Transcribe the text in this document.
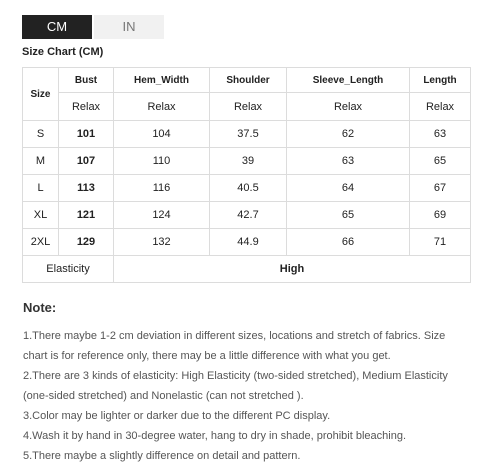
CM	IN
Size Chart (CM)
Size	Bust	Hem_Width	Shoulder	Sleeve_Length	Length
	Relax	Relax	Relax	Relax	Relax
S	101	104	37.5	62	63
M	107	110	39	63	65
L	113	116	40.5	64	67
XL	121	124	42.7	65	69
2XL	129	132	44.9	66	71
Elasticity		High			
Note:
1.There maybe 1-2 cm deviation in different sizes, locations and stretch of fabrics. Size
chart is for reference only, there may be a little difference with what you get.
2.There are 3 kinds of elasticity: High Elasticity (two-sided stretched), Medium Elasticity
(one-sided stretched) and Nonelastic (can not stretched ).
3.Color may be lighter or darker due to the different PC display.
4.Wash it by hand in 30-degree water, hang to dry in shade, prohibit bleaching.
5.There maybe a slightly difference on detail and pattern.
